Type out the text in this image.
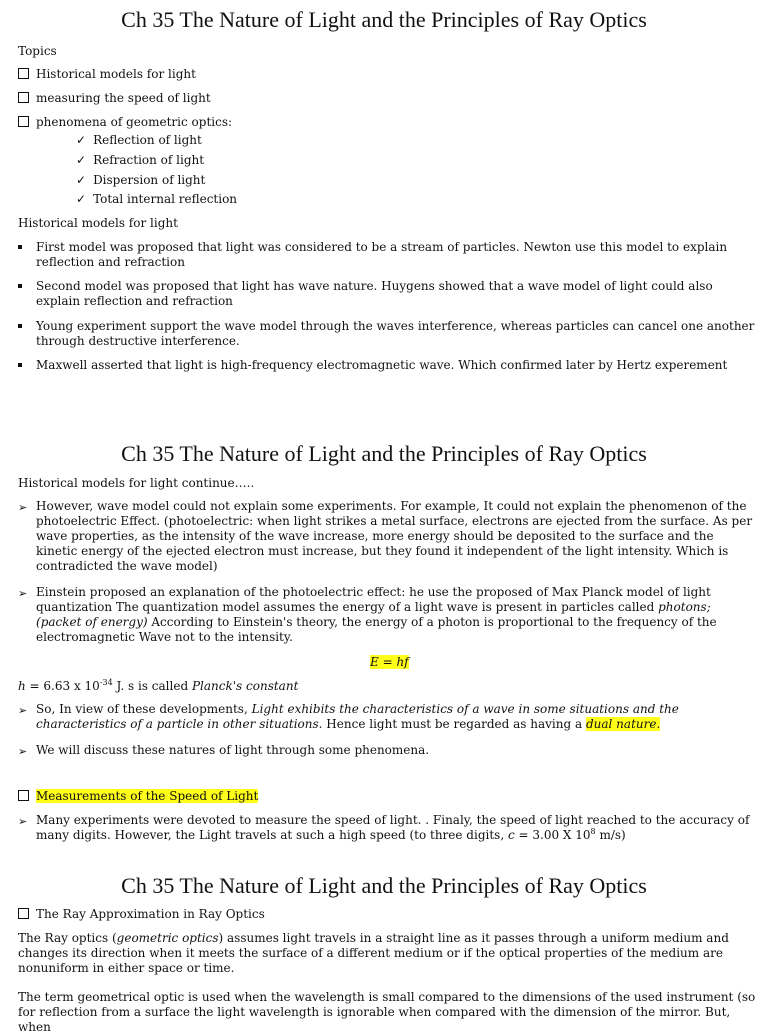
Ch 35 The Nature of Light and the Principles of Ray Optics
Topics
Historical models for light
measuring the speed of light
phenomena of geometric optics:
✓ Reflection of light
✓ Refraction of light
✓ Dispersion of light
✓ Total internal reflection
Historical models for light
First model was proposed that light was considered to be a stream of particles. Newton use this model to explain reflection and refraction
Second model was proposed that light has wave nature. Huygens showed that a wave model of light could also explain reflection and refraction
Young experiment support the wave model through the waves interference, whereas particles can cancel one another through destructive interference.
Maxwell asserted that light is high-frequency electromagnetic wave. Which confirmed later by Hertz experement
Ch 35 The Nature of Light and the Principles of Ray Optics
Historical models for light continue…..
➢ However, wave model could not explain some experiments. For example, It could not explain the phenomenon of the photoelectric Effect. (photoelectric: when light strikes a metal surface, electrons are ejected from the surface. As per wave properties, as the intensity of the wave increase, more energy should be deposited to the surface and the kinetic energy of the ejected electron must increase, but they found it independent of the light intensity. Which is contradicted the wave model)
➢ Einstein proposed an explanation of the photoelectric effect: he use the proposed of Max Planck model of light quantization The quantization model assumes the energy of a light wave is present in particles called photons; (packet of energy) According to Einstein's theory, the energy of a photon is proportional to the frequency of the electromagnetic Wave not to the intensity.
E = hf
h = 6.63 x $10^{-34}$ J. s is called Planck's constant
➢ So, In view of these developments, Light exhibits the characteristics of a wave in some situations and the characteristics of a particle in other situations. Hence light must be regarded as having a dual nature.
➢ We will discuss these natures of light through some phenomena.
Measurements of the Speed of Light
➢ Many experiments were devoted to measure the speed of light. . Finaly, the speed of light reached to the accuracy of many digits. However, the Light travels at such a high speed (to three digits, c = 3.00 X $10^8$ m/s)
Ch 35 The Nature of Light and the Principles of Ray Optics
The Ray Approximation in Ray Optics
The Ray optics (geometric optics) assumes light travels in a straight line as it passes through a uniform medium and changes its direction when it meets the surface of a different medium or if the optical properties of the medium are nonuniform in either space or time.
The term geometrical optic is used when the wavelength is small compared to the dimensions of the used instrument (so for reflection from a surface the light wavelength is ignorable when compared with the dimension of the mirror. But, when
